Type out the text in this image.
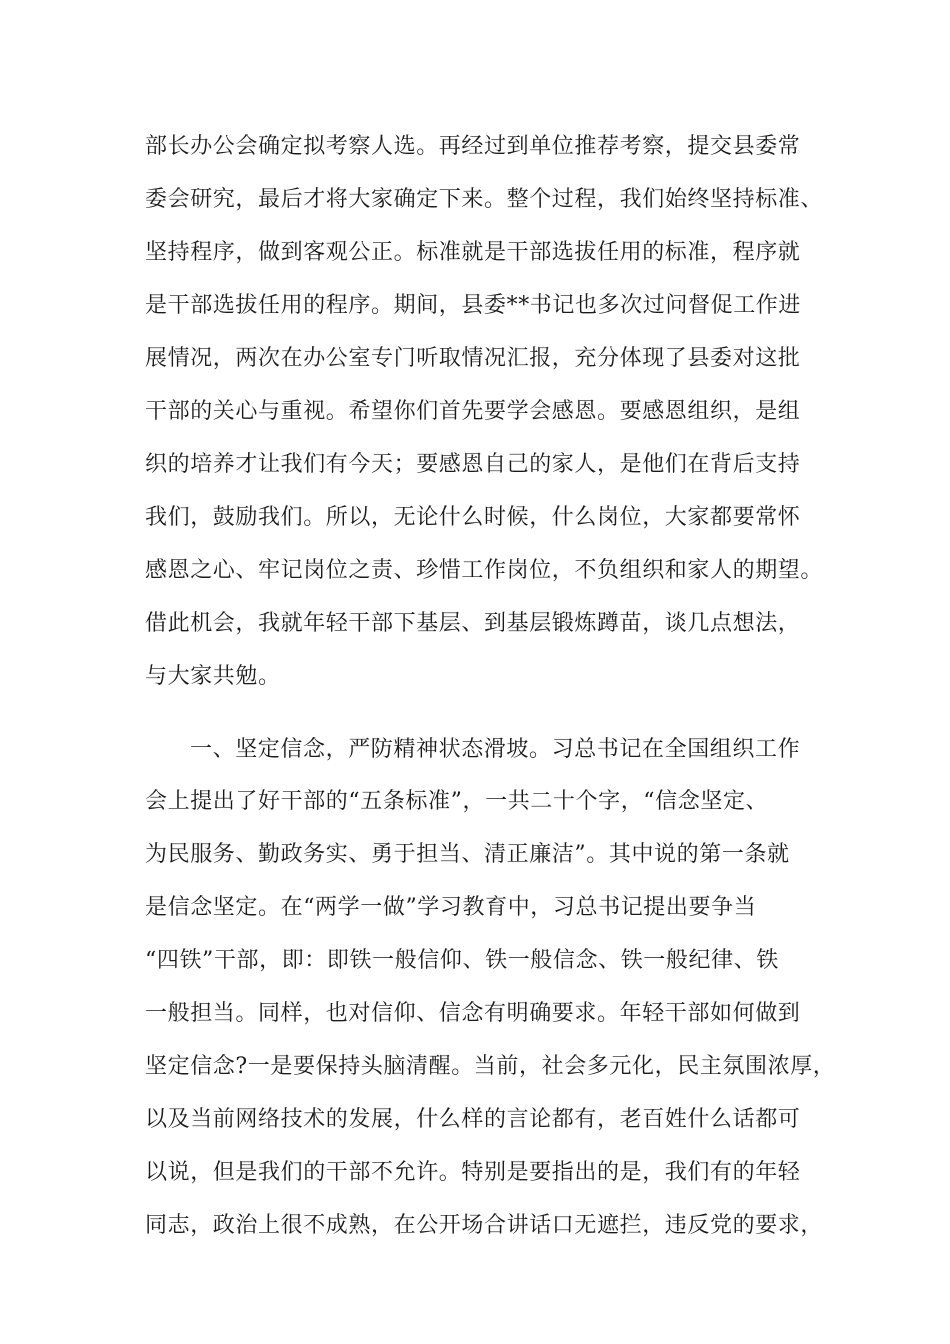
部长办公会确定拟考察人选。再经过到单位推荐考察，提交县委常
委会研究，最后才将大家确定下来。整个过程，我们始终坚持标准、
坚持程序，做到客观公正。标准就是干部选拔任用的标准，程序就
是干部选拔任用的程序。期间，县委**书记也多次过问督促工作进
展情况，两次在办公室专门听取情况汇报，充分体现了县委对这批
干部的关心与重视。希望你们首先要学会感恩。要感恩组织，是组
织的培养才让我们有今天；要感恩自己的家人，是他们在背后支持
我们，鼓励我们。所以，无论什么时候，什么岗位，大家都要常怀
感恩之心、牢记岗位之责、珍惜工作岗位，不负组织和家人的期望。
借此机会，我就年轻干部下基层、到基层锻炼蹲苗，谈几点想法，
与大家共勉。
一、坚定信念，严防精神状态滑坡。习总书记在全国组织工作
会上提出了好干部的“五条标准”，一共二十个字，“信念坚定、
为民服务、勤政务实、勇于担当、清正廉洁”。其中说的第一条就
是信念坚定。在“两学一做”学习教育中，习总书记提出要争当
“四铁”干部，即：即铁一般信仰、铁一般信念、铁一般纪律、铁
一般担当。同样，也对信仰、信念有明确要求。年轻干部如何做到
坚定信念?一是要保持头脑清醒。当前，社会多元化，民主氛围浓厚，
以及当前网络技术的发展，什么样的言论都有，老百姓什么话都可
以说，但是我们的干部不允许。特别是要指出的是，我们有的年轻
同志，政治上很不成熟，在公开场合讲话口无遮拦，违反党的要求，
